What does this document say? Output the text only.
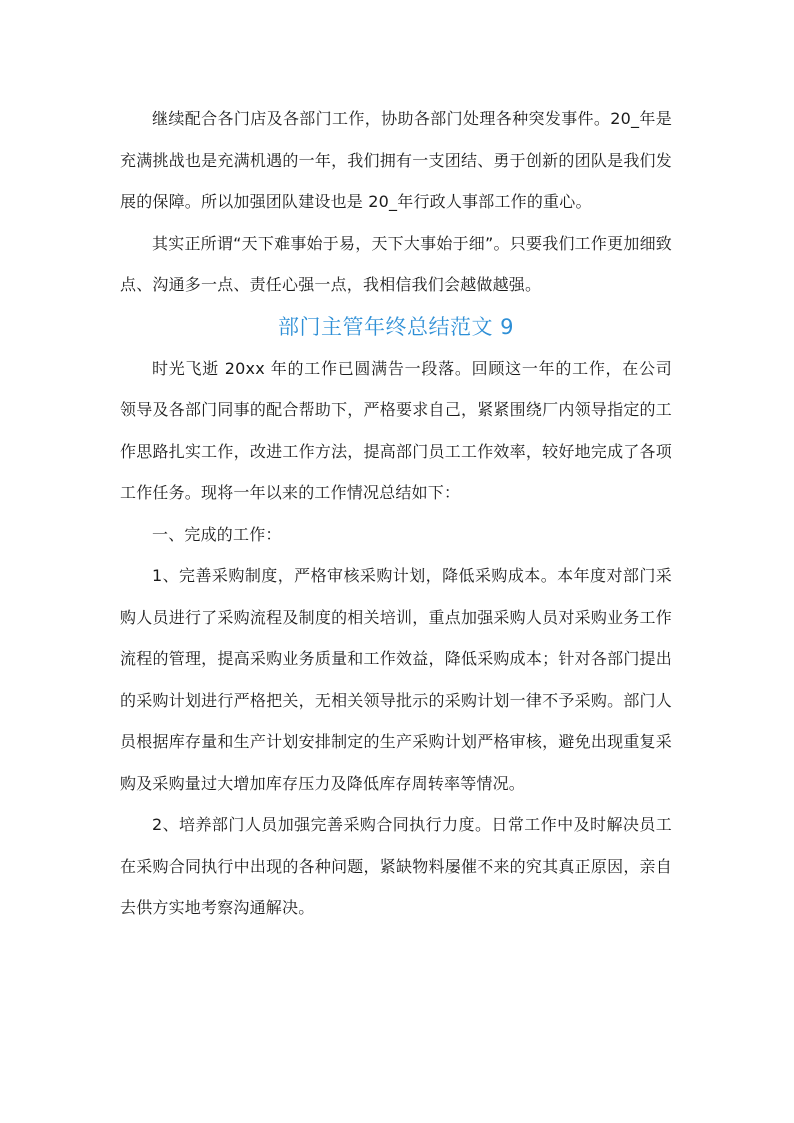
继续配合各门店及各部门工作，协助各部门处理各种突发事件。20_年是充满挑战也是充满机遇的一年，我们拥有一支团结、勇于创新的团队是我们发展的保障。所以加强团队建设也是 20_年行政人事部工作的重心。

其实正所谓“天下难事始于易，天下大事始于细”。只要我们工作更加细致点、沟通多一点、责任心强一点，我相信我们会越做越强。

部门主管年终总结范文 9

时光飞逝 20xx 年的工作已圆满告一段落。回顾这一年的工作，在公司领导及各部门同事的配合帮助下，严格要求自己，紧紧围绕厂内领导指定的工作思路扎实工作，改进工作方法，提高部门员工工作效率，较好地完成了各项工作任务。现将一年以来的工作情况总结如下：

一、完成的工作：

1、完善采购制度，严格审核采购计划，降低采购成本。本年度对部门采购人员进行了采购流程及制度的相关培训，重点加强采购人员对采购业务工作流程的管理，提高采购业务质量和工作效益，降低采购成本；针对各部门提出的采购计划进行严格把关，无相关领导批示的采购计划一律不予采购。部门人员根据库存量和生产计划安排制定的生产采购计划严格审核，避免出现重复采购及采购量过大增加库存压力及降低库存周转率等情况。

2、培养部门人员加强完善采购合同执行力度。日常工作中及时解决员工在采购合同执行中出现的各种问题，紧缺物料屡催不来的究其真正原因，亲自去供方实地考察沟通解决。
